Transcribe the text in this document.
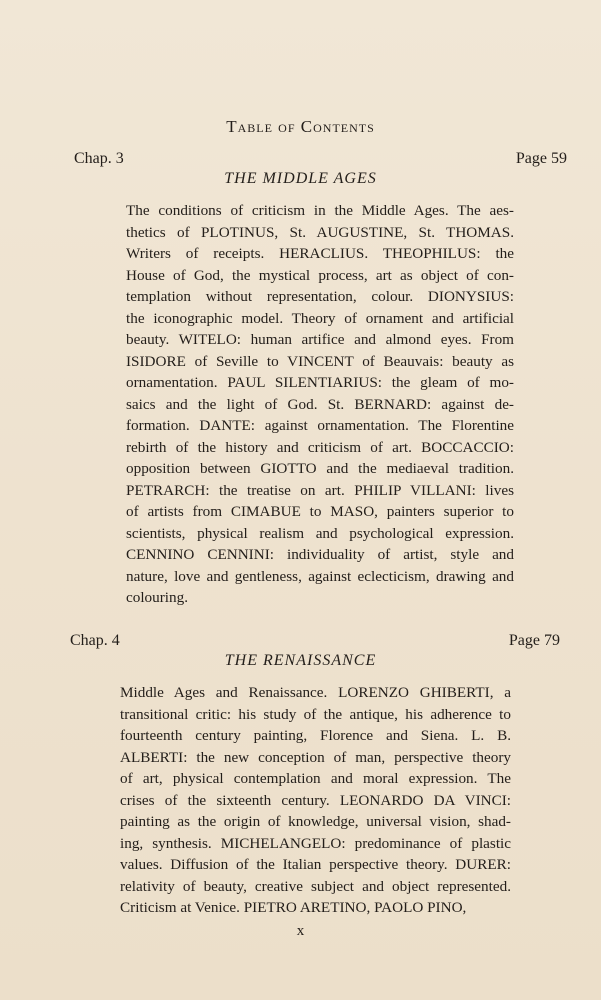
Table of Contents
Chap. 3	Page 59
THE MIDDLE AGES
The conditions of criticism in the Middle Ages. The aes-
thetics of PLOTINUS, St. AUGUSTINE, St. THOMAS.
Writers of receipts. HERACLIUS. THEOPHILUS: the
House of God, the mystical process, art as object of con-
templation without representation, colour. DIONYSIUS:
the iconographic model. Theory of ornament and artificial
beauty. WITELO: human artifice and almond eyes. From
ISIDORE of Seville to VINCENT of Beauvais: beauty as
ornamentation. PAUL SILENTIARIUS: the gleam of mo-
saics and the light of God. St. BERNARD: against de-
formation. DANTE: against ornamentation. The Florentine
rebirth of the history and criticism of art. BOCCACCIO:
opposition between GIOTTO and the mediaeval tradition.
PETRARCH: the treatise on art. PHILIP VILLANI: lives
of artists from CIMABUE to MASO, painters superior to
scientists, physical realism and psychological expression.
CENNINO CENNINI: individuality of artist, style and
nature, love and gentleness, against eclecticism, drawing and
colouring.
Chap. 4	Page 79
THE RENAISSANCE
Middle Ages and Renaissance. LORENZO GHIBERTI, a
transitional critic: his study of the antique, his adherence to
fourteenth century painting, Florence and Siena. L. B.
ALBERTI: the new conception of man, perspective theory
of art, physical contemplation and moral expression. The
crises of the sixteenth century. LEONARDO DA VINCI:
painting as the origin of knowledge, universal vision, shad-
ing, synthesis. MICHELANGELO: predominance of plastic
values. Diffusion of the Italian perspective theory. DURER:
relativity of beauty, creative subject and object represented.
Criticism at Venice. PIETRO ARETINO, PAOLO PINO,
x
